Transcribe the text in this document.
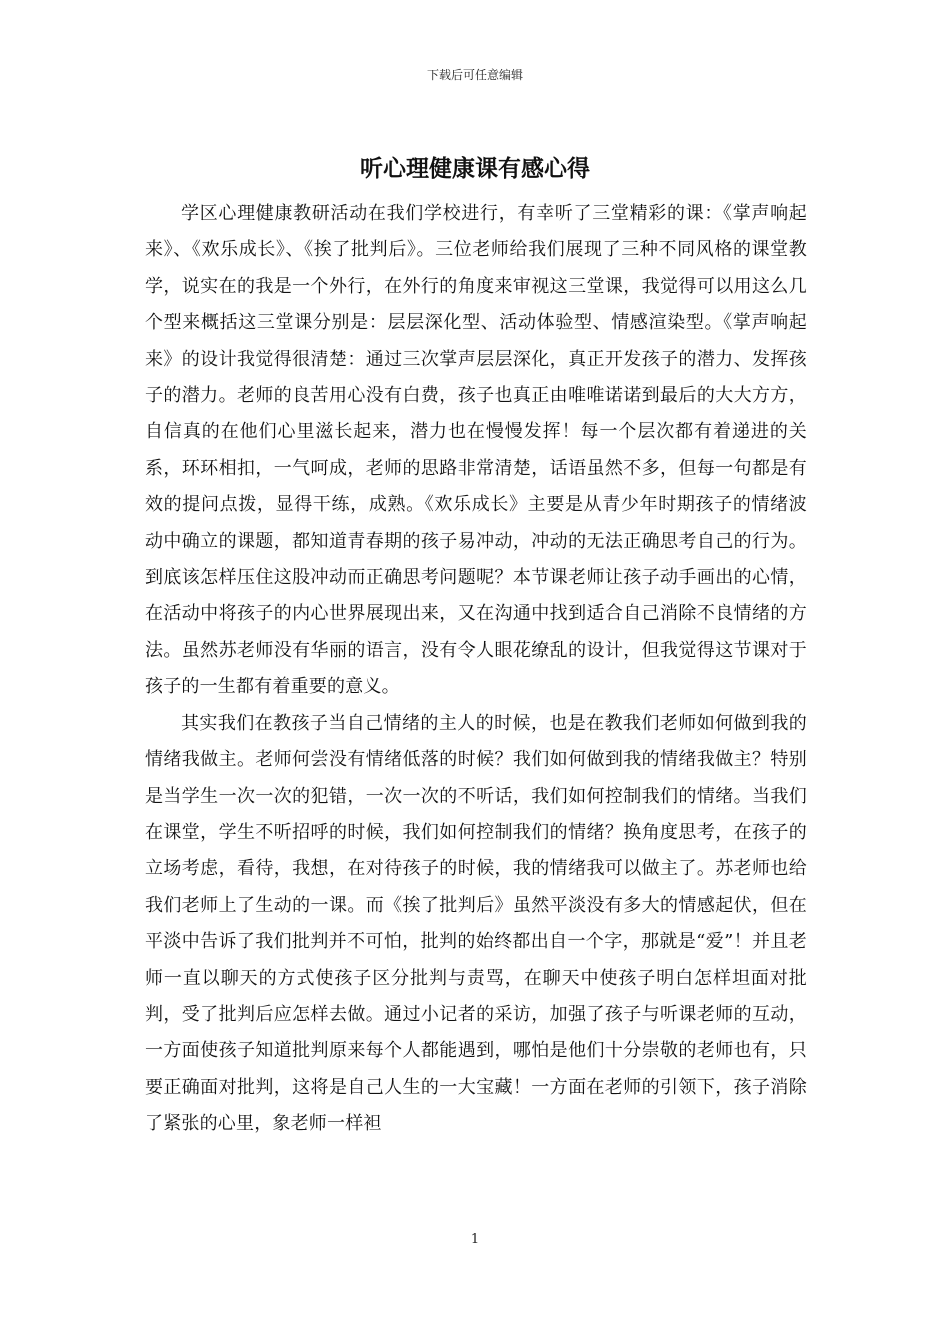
下载后可任意编辑
听心理健康课有感心得

学区心理健康教研活动在我们学校进行，有幸听了三堂精彩的课：《掌声响起来》、《欢乐成长》、《挨了批判后》。三位老师给我们展现了三种不同风格的课堂教学，说实在的我是一个外行，在外行的角度来审视这三堂课，我觉得可以用这么几个型来概括这三堂课分别是：层层深化型、活动体验型、情感渲染型。《掌声响起来》的设计我觉得很清楚：通过三次掌声层层深化，真正开发孩子的潜力、发挥孩子的潜力。老师的良苦用心没有白费，孩子也真正由唯唯诺诺到最后的大大方方，自信真的在他们心里滋长起来，潜力也在慢慢发挥！每一个层次都有着递进的关系，环环相扣，一气呵成，老师的思路非常清楚，话语虽然不多，但每一句都是有效的提问点拨，显得干练，成熟。《欢乐成长》主要是从青少年时期孩子的情绪波动中确立的课题，都知道青春期的孩子易冲动，冲动的无法正确思考自己的行为。到底该怎样压住这股冲动而正确思考问题呢？本节课老师让孩子动手画出的心情，在活动中将孩子的内心世界展现出来，又在沟通中找到适合自己消除不良情绪的方法。虽然苏老师没有华丽的语言，没有令人眼花缭乱的设计，但我觉得这节课对于孩子的一生都有着重要的意义。

其实我们在教孩子当自己情绪的主人的时候，也是在教我们老师如何做到我的情绪我做主。老师何尝没有情绪低落的时候？我们如何做到我的情绪我做主？特别是当学生一次一次的犯错，一次一次的不听话，我们如何控制我们的情绪。当我们在课堂，学生不听招呼的时候，我们如何控制我们的情绪？换角度思考，在孩子的立场考虑，看待，我想，在对待孩子的时候，我的情绪我可以做主了。苏老师也给我们老师上了生动的一课。而《挨了批判后》虽然平淡没有多大的情感起伏，但在平淡中告诉了我们批判并不可怕，批判的始终都出自一个字，那就是“爱”！并且老师一直以聊天的方式使孩子区分批判与责骂，在聊天中使孩子明白怎样坦面对批判，受了批判后应怎样去做。通过小记者的采访，加强了孩子与听课老师的互动，一方面使孩子知道批判原来每个人都能遇到，哪怕是他们十分崇敬的老师也有，只要正确面对批判，这将是自己人生的一大宝藏！一方面在老师的引领下，孩子消除了紧张的心里，象老师一样袒

1
